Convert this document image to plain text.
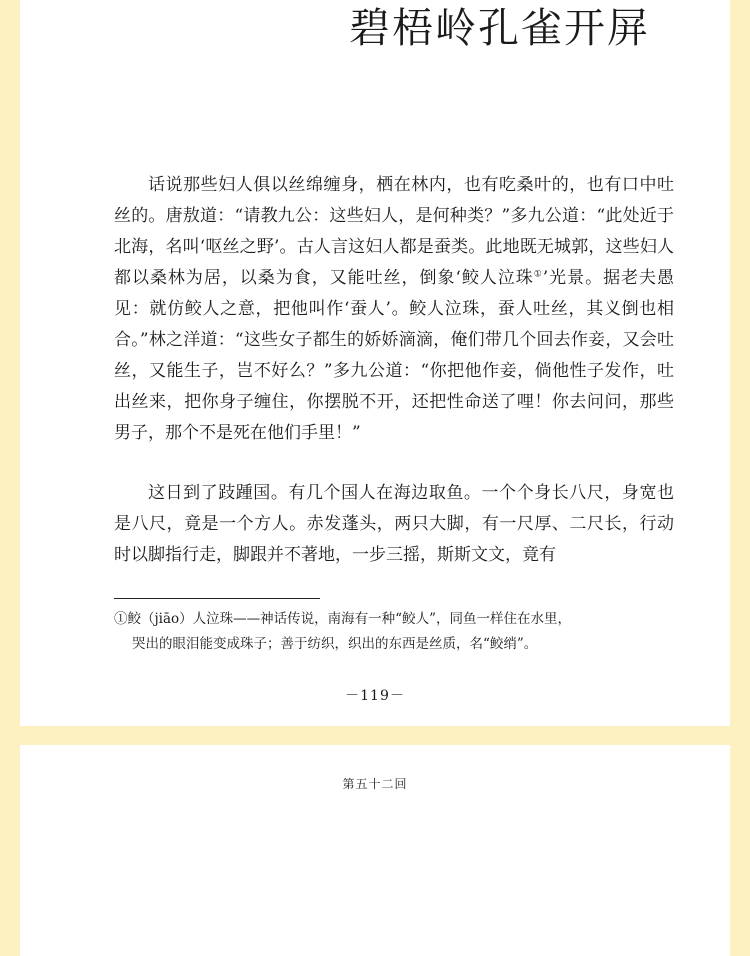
碧梧岭孔雀开屏

话说那些妇人俱以丝绵缠身，栖在林内，也有吃桑叶的，也有口中吐丝的。唐敖道：“请教九公：这些妇人，是何种类？”多九公道：“此处近于北海，名叫‘呕丝之野’。古人言这妇人都是蚕类。此地既无城郭，这些妇人都以桑林为居，以桑为食，又能吐丝，倒象‘鲛人泣珠①’光景。据老夫愚见：就仿鲛人之意，把他叫作‘蚕人’。鲛人泣珠，蚕人吐丝，其义倒也相合。”林之洋道：“这些女子都生的娇娇滴滴，俺们带几个回去作妾，又会吐丝，又能生子，岂不好么？”多九公道：“你把他作妾，倘他性子发作，吐出丝来，把你身子缠住，你摆脱不开，还把性命送了哩！你去问问，那些男子，那个不是死在他们手里！”

这日到了跂踵国。有几个国人在海边取鱼。一个个身长八尺，身宽也是八尺，竟是一个方人。赤发蓬头，两只大脚，有一尺厚、二尺长，行动时以脚指行走，脚跟并不著地，一步三摇，斯斯文文，竟有

①鲛（jiāo）人泣珠——神话传说，南海有一种“鲛人”，同鱼一样住在水里，
哭出的眼泪能变成珠子；善于纺织，织出的东西是丝质，名“鲛绡”。

－119－
第五十二回
